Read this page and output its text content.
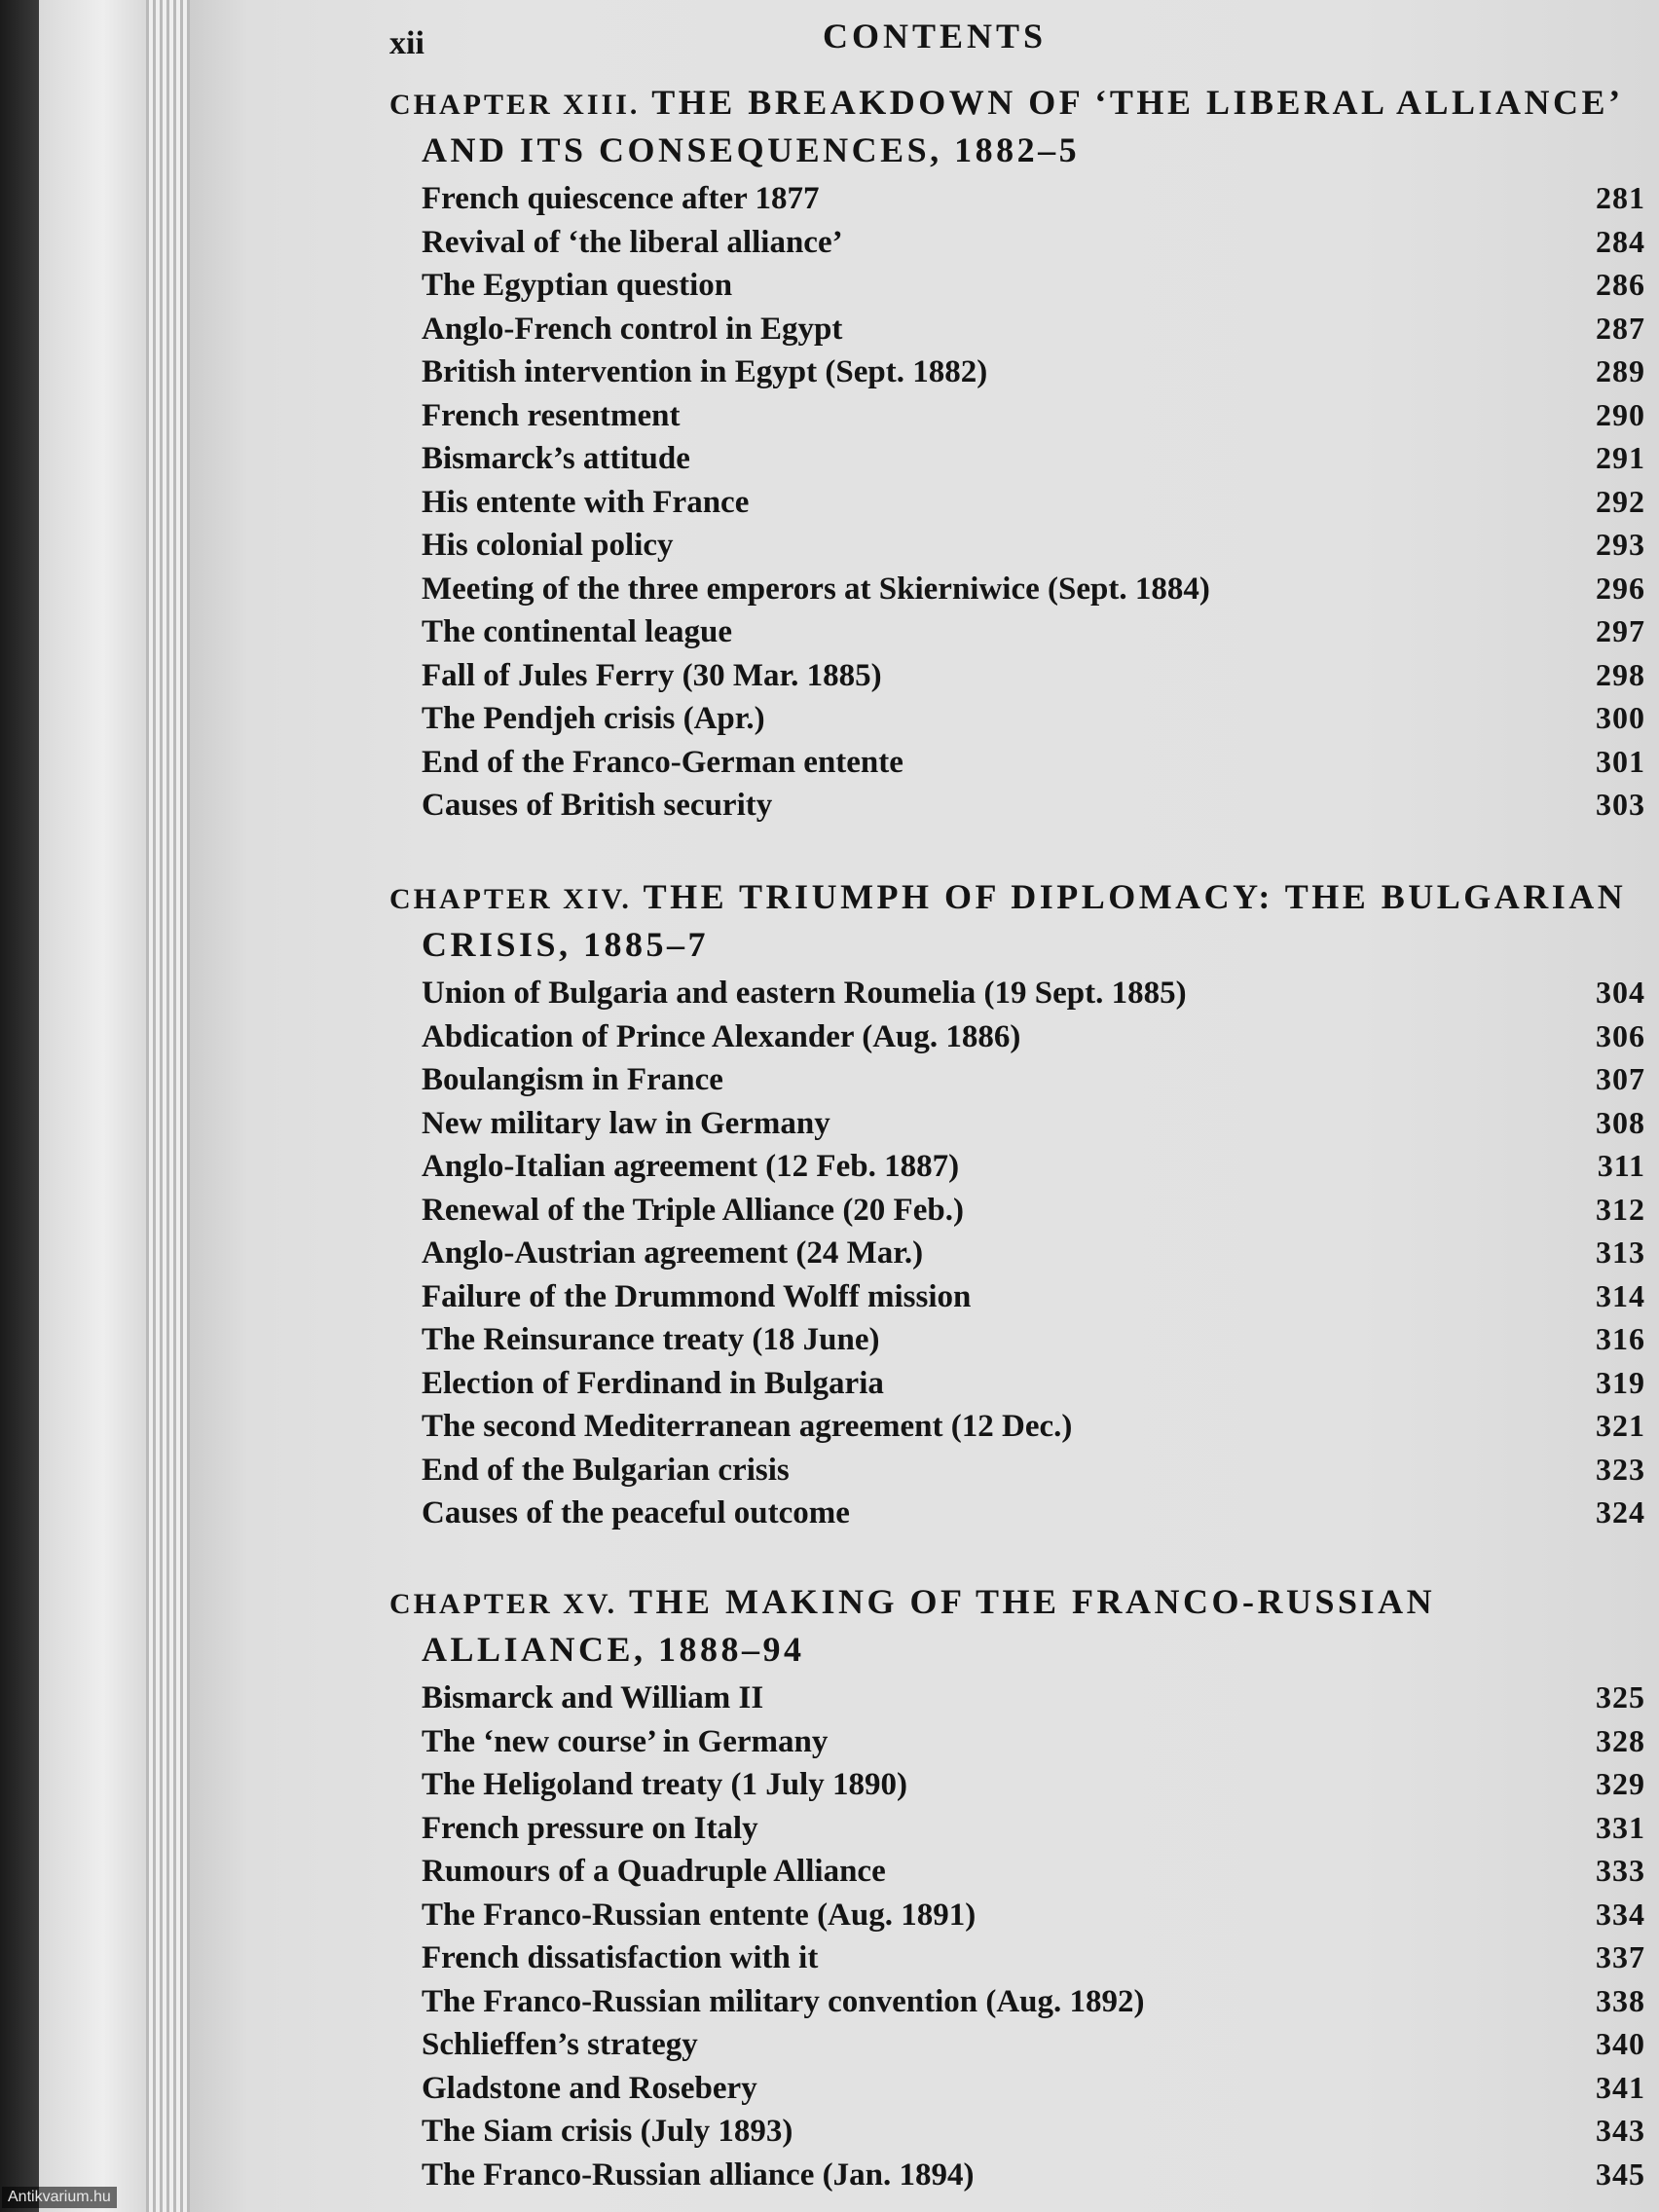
xii	CONTENTS
CHAPTER XIII. THE BREAKDOWN OF ‘THE LIBERAL ALLIANCE’ AND ITS CONSEQUENCES, 1882–5
French quiescence after 1877	281
Revival of ‘the liberal alliance’	284
The Egyptian question	286
Anglo-French control in Egypt	287
British intervention in Egypt (Sept. 1882)	289
French resentment	290
Bismarck’s attitude	291
His entente with France	292
His colonial policy	293
Meeting of the three emperors at Skierniwice (Sept. 1884)	296
The continental league	297
Fall of Jules Ferry (30 Mar. 1885)	298
The Pendjeh crisis (Apr.)	300
End of the Franco-German entente	301
Causes of British security	303
CHAPTER XIV. THE TRIUMPH OF DIPLOMACY: THE BULGARIAN CRISIS, 1885–7
Union of Bulgaria and eastern Roumelia (19 Sept. 1885)	304
Abdication of Prince Alexander (Aug. 1886)	306
Boulangism in France	307
New military law in Germany	308
Anglo-Italian agreement (12 Feb. 1887)	311
Renewal of the Triple Alliance (20 Feb.)	312
Anglo-Austrian agreement (24 Mar.)	313
Failure of the Drummond Wolff mission	314
The Reinsurance treaty (18 June)	316
Election of Ferdinand in Bulgaria	319
The second Mediterranean agreement (12 Dec.)	321
End of the Bulgarian crisis	323
Causes of the peaceful outcome	324
CHAPTER XV. THE MAKING OF THE FRANCO-RUSSIAN ALLIANCE, 1888–94
Bismarck and William II	325
The ‘new course’ in Germany	328
The Heligoland treaty (1 July 1890)	329
French pressure on Italy	331
Rumours of a Quadruple Alliance	333
The Franco-Russian entente (Aug. 1891)	334
French dissatisfaction with it	337
The Franco-Russian military convention (Aug. 1892)	338
Schlieffen’s strategy	340
Gladstone and Rosebery	341
The Siam crisis (July 1893)	343
The Franco-Russian alliance (Jan. 1894)	345
Antikvarium.hu
